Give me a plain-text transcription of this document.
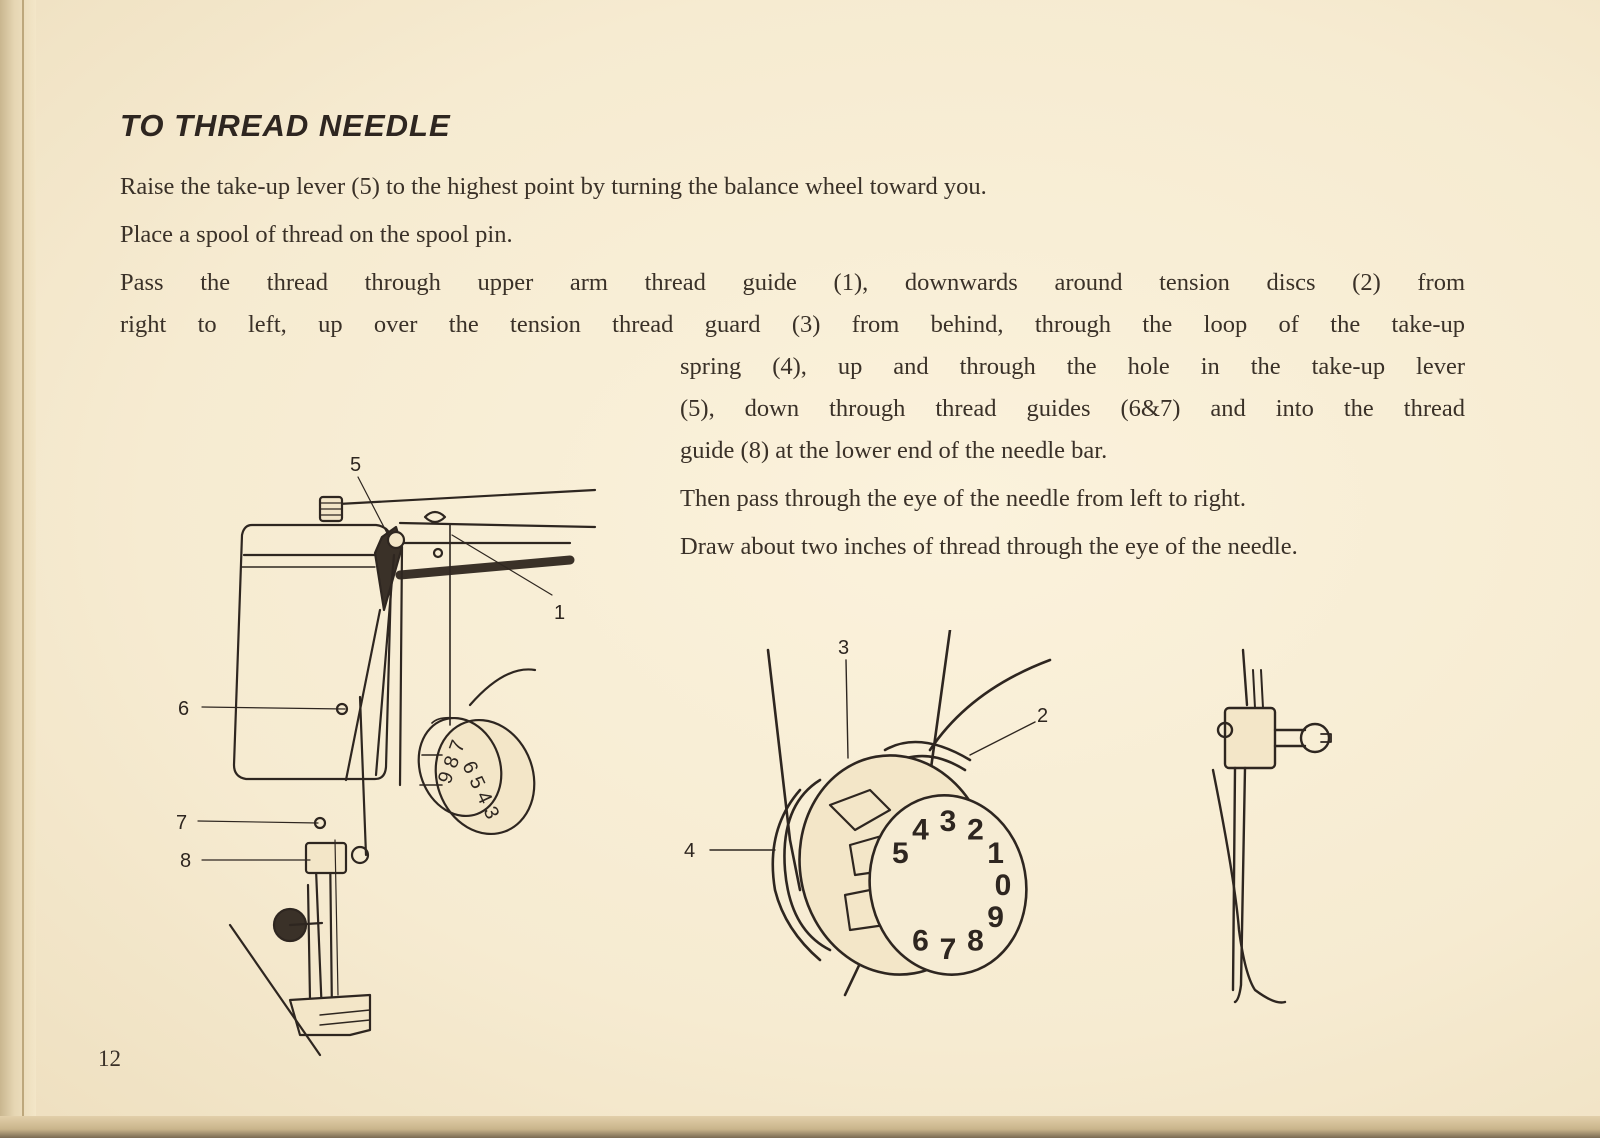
TO THREAD NEEDLE
Raise the take-up lever (5) to the highest point by turning the balance wheel toward you.
Place a spool of thread on the spool pin.
Pass the thread through upper arm thread guide (1), downwards around tension discs (2) from
right to left, up over the tension thread guard (3) from behind, through the loop of the take-up
spring (4), up and through the hole in the take-up lever
(5), down through thread guides (6&7) and into the thread
guide (8) at the lower end of the needle bar.
Then pass through the eye of the needle from left to right.
Draw about two inches of thread through the eye of the needle.
6 5 4 3
9 8 7
5
1
6
7
8	5
4 3 2
1
0
9
8
7
6
3
2
4
12
